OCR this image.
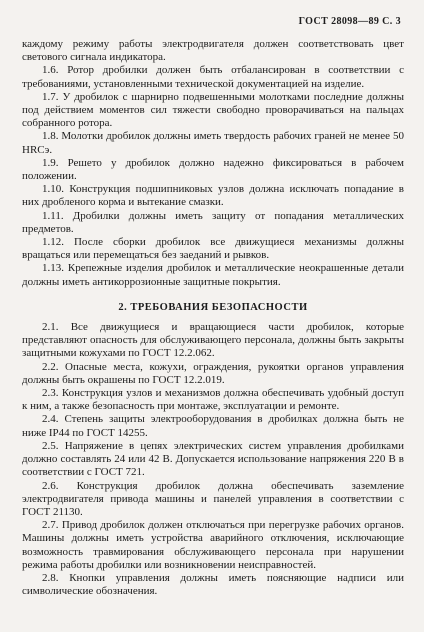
ГОСТ 28098—89 С. 3

каждому режиму работы электродвигателя должен соответствовать цвет светового сигнала индикатора.

1.6. Ротор дробилки должен быть отбалансирован в соответствии с требованиями, установленными технической документацией на изделие.

1.7. У дробилок с шарнирно подвешенными молотками последние должны под действием моментов сил тяжести свободно проворачиваться на пальцах собранного ротора.

1.8. Молотки дробилок должны иметь твердость рабочих граней не менее 50 HRCэ.

1.9. Решето у дробилок должно надежно фиксироваться в рабочем положении.

1.10. Конструкция подшипниковых узлов должна исключать попадание в них дробленого корма и вытекание смазки.

1.11. Дробилки должны иметь защиту от попадания металлических предметов.

1.12. После сборки дробилок все движущиеся механизмы должны вращаться или перемещаться без заеданий и рывков.

1.13. Крепежные изделия дробилок и металлические неокрашенные детали должны иметь антикоррозионные защитные покрытия.

2. ТРЕБОВАНИЯ БЕЗОПАСНОСТИ

2.1. Все движущиеся и вращающиеся части дробилок, которые представляют опасность для обслуживающего персонала, должны быть закрыты защитными кожухами по ГОСТ 12.2.062.

2.2. Опасные места, кожухи, ограждения, рукоятки органов управления должны быть окрашены по ГОСТ 12.2.019.

2.3. Конструкция узлов и механизмов должна обеспечивать удобный доступ к ним, а также безопасность при монтаже, эксплуатации и ремонте.

2.4. Степень защиты электрооборудования в дробилках должна быть не ниже IP44 по ГОСТ 14255.

2.5. Напряжение в цепях электрических систем управления дробилками должно составлять 24 или 42 В. Допускается использование напряжения 220 В в соответствии с ГОСТ 721.

2.6. Конструкция дробилок должна обеспечивать заземление электродвигателя привода машины и панелей управления в соответствии с ГОСТ 21130.

2.7. Привод дробилок должен отключаться при перегрузке рабочих органов. Машины должны иметь устройства аварийного отключения, исключающие возможность травмирования обслуживающего персонала при нарушении режима работы дробилки или возникновении неисправностей.

2.8. Кнопки управления должны иметь поясняющие надписи или символические обозначения.
